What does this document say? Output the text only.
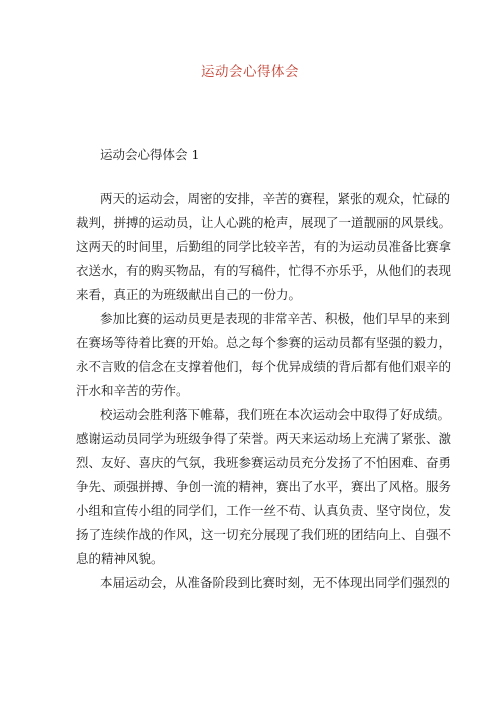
运动会心得体会
运动会心得体会 1
两天的运动会，周密的安排，辛苦的赛程，紧张的观众，忙碌的
裁判，拼搏的运动员，让人心跳的枪声，展现了一道靓丽的风景线。
这两天的时间里，后勤组的同学比较辛苦，有的为运动员准备比赛拿
衣送水，有的购买物品，有的写稿件，忙得不亦乐乎，从他们的表现
来看，真正的为班级献出自己的一份力。
参加比赛的运动员更是表现的非常辛苦、积极，他们早早的来到
在赛场等待着比赛的开始。总之每个参赛的运动员都有坚强的毅力，
永不言败的信念在支撑着他们，每个优异成绩的背后都有他们艰辛的
汗水和辛苦的劳作。
校运动会胜利落下帷幕，我们班在本次运动会中取得了好成绩。
感谢运动员同学为班级争得了荣誉。两天来运动场上充满了紧张、激
烈、友好、喜庆的气氛，我班参赛运动员充分发扬了不怕困难、奋勇
争先、顽强拼搏、争创一流的精神，赛出了水平，赛出了风格。服务
小组和宣传小组的同学们，工作一丝不苟、认真负责、坚守岗位，发
扬了连续作战的作风，这一切充分展现了我们班的团结向上、自强不
息的精神风貌。
本届运动会，从准备阶段到比赛时刻，无不体现出同学们强烈的
